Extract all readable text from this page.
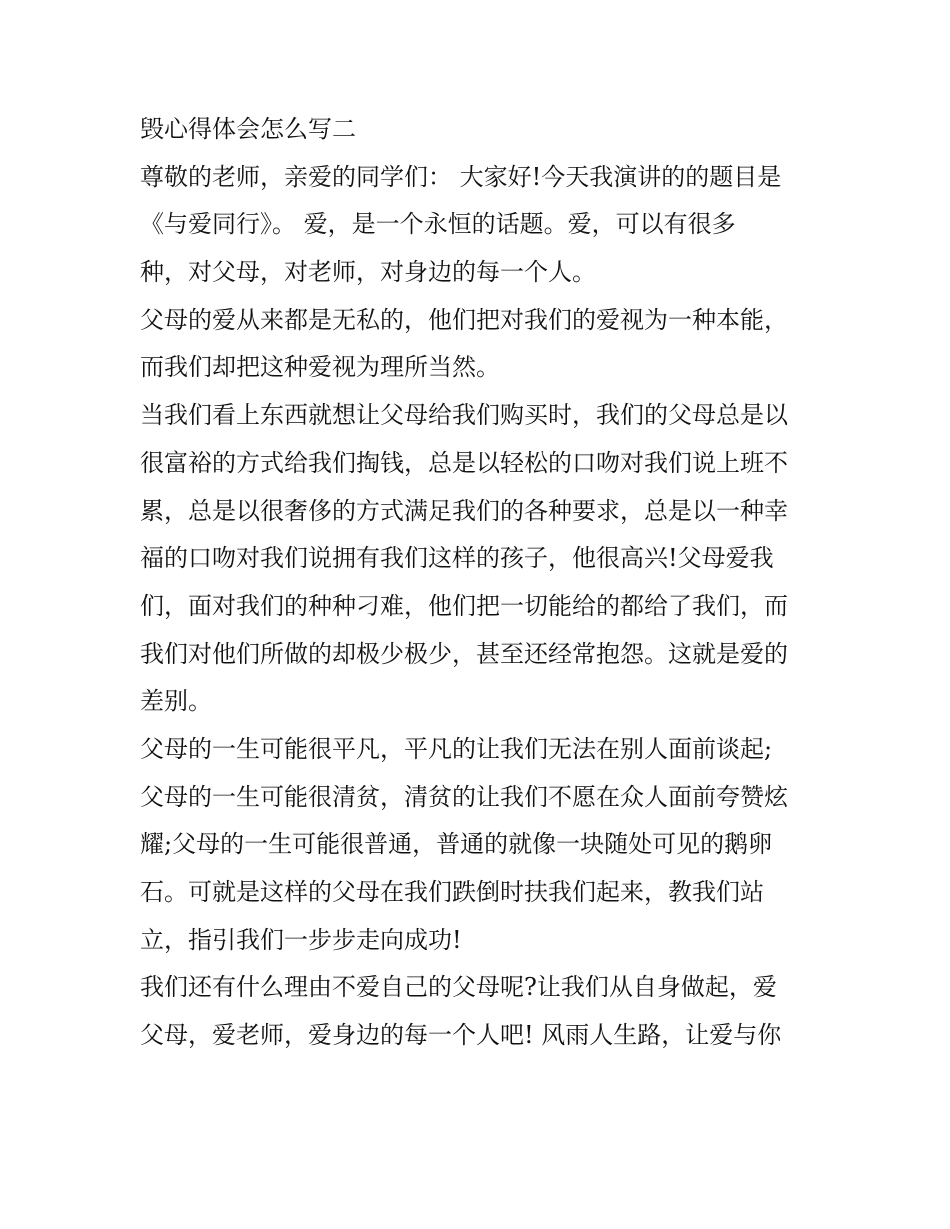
毁心得体会怎么写二
尊敬的老师，亲爱的同学们： 大家好!今天我演讲的的题目是
《与爱同行》。 爱，是一个永恒的话题。爱，可以有很多
种，对父母，对老师，对身边的每一个人。
父母的爱从来都是无私的，他们把对我们的爱视为一种本能，
而我们却把这种爱视为理所当然。
当我们看上东西就想让父母给我们购买时，我们的父母总是以
很富裕的方式给我们掏钱，总是以轻松的口吻对我们说上班不
累，总是以很奢侈的方式满足我们的各种要求，总是以一种幸
福的口吻对我们说拥有我们这样的孩子，他很高兴!父母爱我
们，面对我们的种种刁难，他们把一切能给的都给了我们，而
我们对他们所做的却极少极少，甚至还经常抱怨。这就是爱的
差别。
父母的一生可能很平凡，平凡的让我们无法在别人面前谈起;
父母的一生可能很清贫，清贫的让我们不愿在众人面前夸赞炫
耀;父母的一生可能很普通，普通的就像一块随处可见的鹅卵
石。可就是这样的父母在我们跌倒时扶我们起来，教我们站
立，指引我们一步步走向成功!
我们还有什么理由不爱自己的父母呢?让我们从自身做起，爱
父母，爱老师，爱身边的每一个人吧! 风雨人生路，让爱与你
